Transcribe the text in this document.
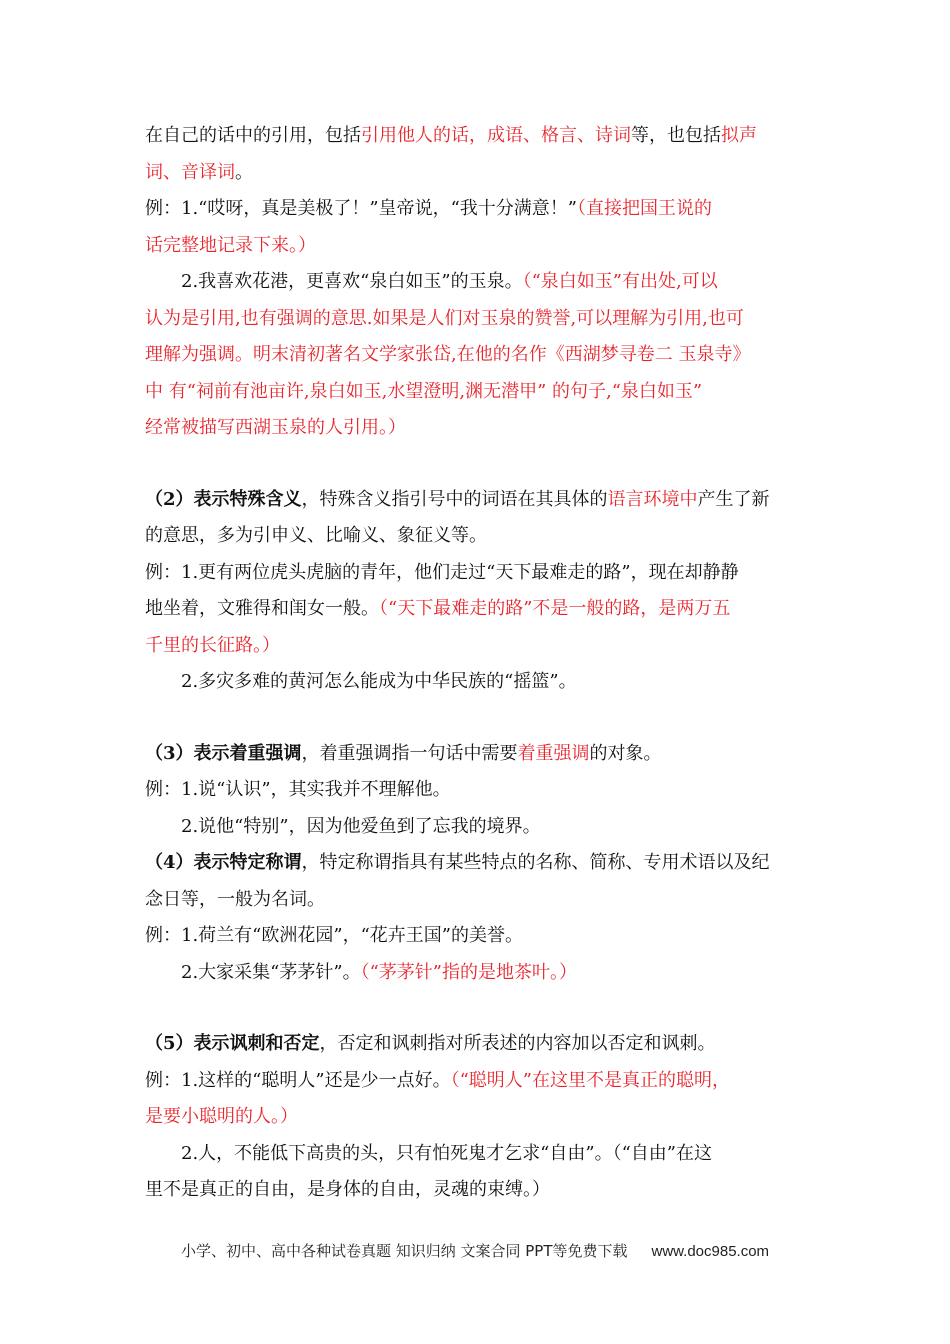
在自己的话中的引用，包括引用他人的话，成语、格言、诗词等，也包括拟声
词、音译词。
例：1.“哎呀，真是美极了！”皇帝说，“我十分满意！”（直接把国王说的
话完整地记录下来。）
2.我喜欢花港，更喜欢“泉白如玉”的玉泉。（“泉白如玉”有出处,可以
认为是引用,也有强调的意思.如果是人们对玉泉的赞誉,可以理解为引用,也可
理解为强调。明末清初著名文学家张岱,在他的名作《西湖梦寻卷二 玉泉寺》
中 有“祠前有池亩许,泉白如玉,水望澄明,渊无潜甲” 的句子,“泉白如玉”
经常被描写西湖玉泉的人引用。）
（2）表示特殊含义，特殊含义指引号中的词语在其具体的语言环境中产生了新
的意思，多为引申义、比喻义、象征义等。
例：1.更有两位虎头虎脑的青年，他们走过“天下最难走的路”，现在却静静
地坐着，文雅得和闺女一般。（“天下最难走的路”不是一般的路，是两万五
千里的长征路。）
2.多灾多难的黄河怎么能成为中华民族的“摇篮”。
（3）表示着重强调，着重强调指一句话中需要着重强调的对象。
例：1.说“认识”，其实我并不理解他。
2.说他“特别”，因为他爱鱼到了忘我的境界。
（4）表示特定称谓，特定称谓指具有某些特点的名称、简称、专用术语以及纪
念日等，一般为名词。
例：1.荷兰有“欧洲花园”，“花卉王国”的美誉。
2.大家采集“茅茅针”。（“茅茅针”指的是地茶叶。）
（5）表示讽刺和否定，否定和讽刺指对所表述的内容加以否定和讽刺。
例：1.这样的“聪明人”还是少一点好。（“聪明人”在这里不是真正的聪明，
是要小聪明的人。）
2.人，不能低下高贵的头，只有怕死鬼才乞求“自由”。（“自由”在这
里不是真正的自由，是身体的自由，灵魂的束缚。）
小学、初中、高中各种试卷真题 知识归纳 文案合同 PPT等免费下载 www.doc985.com
